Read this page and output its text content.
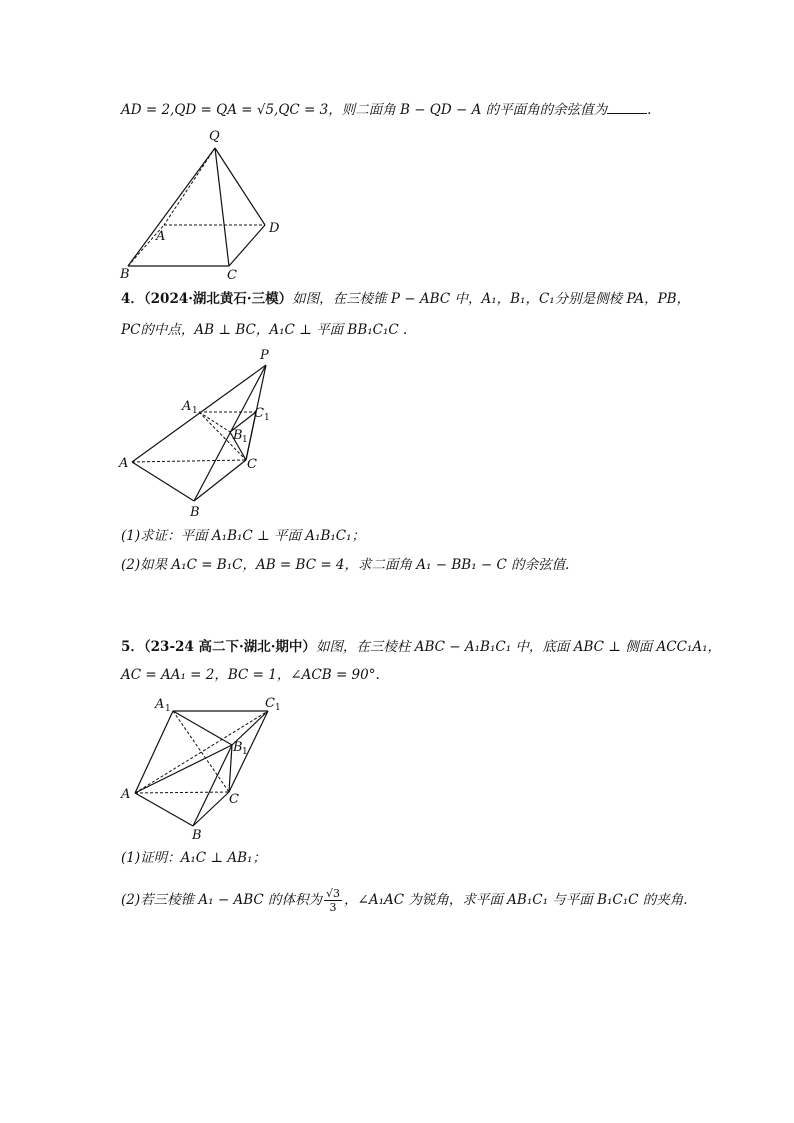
AD = 2,QD = QA = √5,QC = 3，则二面角 B − QD − A 的平面角的余弦值为	.
Q
A
D
B	C
4．（2024·湖北黄石·三模）如图，在三棱锥 P − ABC 中，A₁，B₁，C₁分别是侧棱 PA，PB，
PC的中点，AB ⊥ BC，A₁C ⊥ 平面 BB₁C₁C .
P
A 1	C 1
B 1
A	C
B
(1)求证：平面 A₁B₁C ⊥ 平面 A₁B₁C₁；
(2)如果 A₁C = B₁C，AB = BC = 4，求二面角 A₁ − BB₁ − C 的余弦值.
5．（23-24 高二下·湖北·期中）如图，在三棱柱 ABC − A₁B₁C₁ 中，底面 ABC ⊥ 侧面 ACC₁A₁，
AC = AA₁ = 2，BC = 1，∠ACB = 90°.
A 1	C 1
B 1
A	C
B
(1)证明：A₁C ⊥ AB₁；
(2)若三棱锥 A₁ − ABC 的体积为 $\frac{√3}{3}$ ，∠A₁AC 为锐角，求平面 AB₁C₁ 与平面 B₁C₁C 的夹角.
